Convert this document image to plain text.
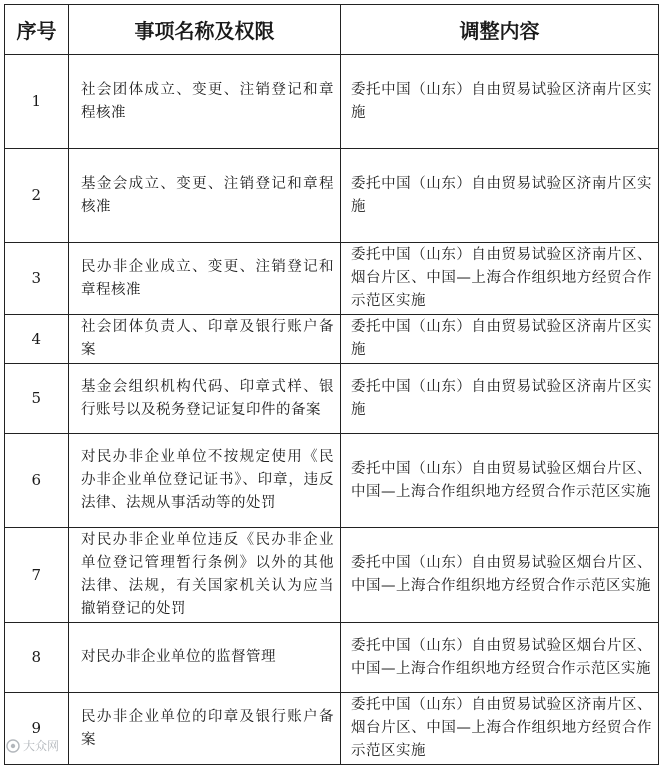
序号	事项名称及权限	调整内容
1	社会团体成立、变更、注销登记和章程核准	委托中国（山东）自由贸易试验区济南片区实施
2	基金会成立、变更、注销登记和章程核准	委托中国（山东）自由贸易试验区济南片区实施
3	民办非企业成立、变更、注销登记和章程核准	委托中国（山东）自由贸易试验区济南片区、烟台片区、中国—上海合作组织地方经贸合作示范区实施
4	社会团体负责人、印章及银行账户备案	委托中国（山东）自由贸易试验区济南片区实施
5	基金会组织机构代码、印章式样、银行账号以及税务登记证复印件的备案	委托中国（山东）自由贸易试验区济南片区实施
6	对民办非企业单位不按规定使用《民办非企业单位登记证书》、印章，违反法律、法规从事活动等的处罚	委托中国（山东）自由贸易试验区烟台片区、中国—上海合作组织地方经贸合作示范区实施
7	对民办非企业单位违反《民办非企业单位登记管理暂行条例》以外的其他法律、法规，有关国家机关认为应当撤销登记的处罚	委托中国（山东）自由贸易试验区烟台片区、中国—上海合作组织地方经贸合作示范区实施
8	对民办非企业单位的监督管理	委托中国（山东）自由贸易试验区烟台片区、中国—上海合作组织地方经贸合作示范区实施
9	民办非企业单位的印章及银行账户备案	委托中国（山东）自由贸易试验区济南片区、烟台片区、中国—上海合作组织地方经贸合作示范区实施
大众网
